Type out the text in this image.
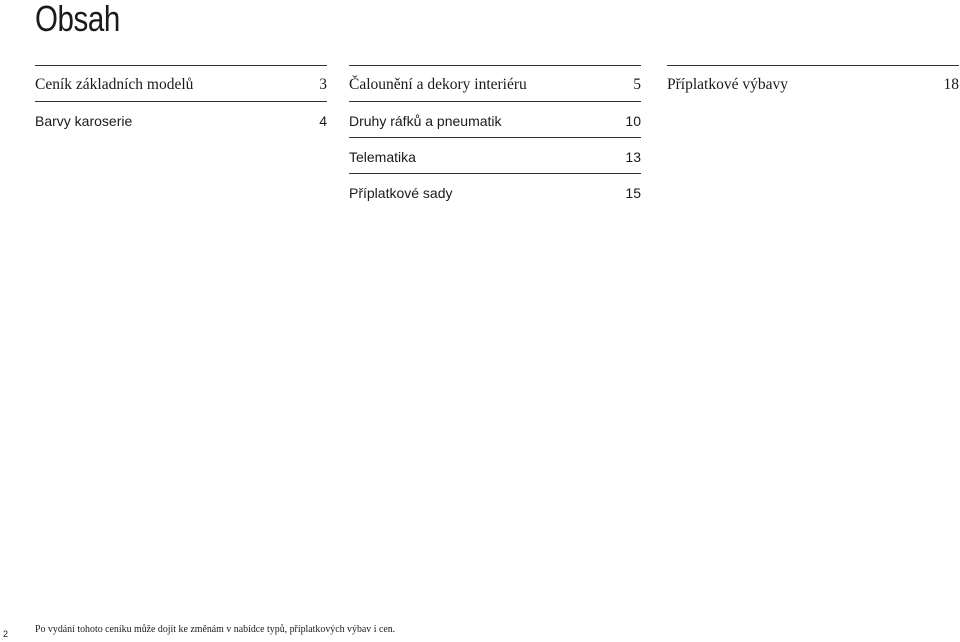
Obsah
Ceník základních modelů	3
Barvy karoserie	4
Čalounění a dekory interiéru	5
Druhy ráfků a pneumatik	10
Telematika	13
Příplatkové sady	15
Příplatkové výbavy	18
2 Po vydání tohoto ceníku může dojít ke změnám v nabídce typů, příplatkových výbav i cen.
